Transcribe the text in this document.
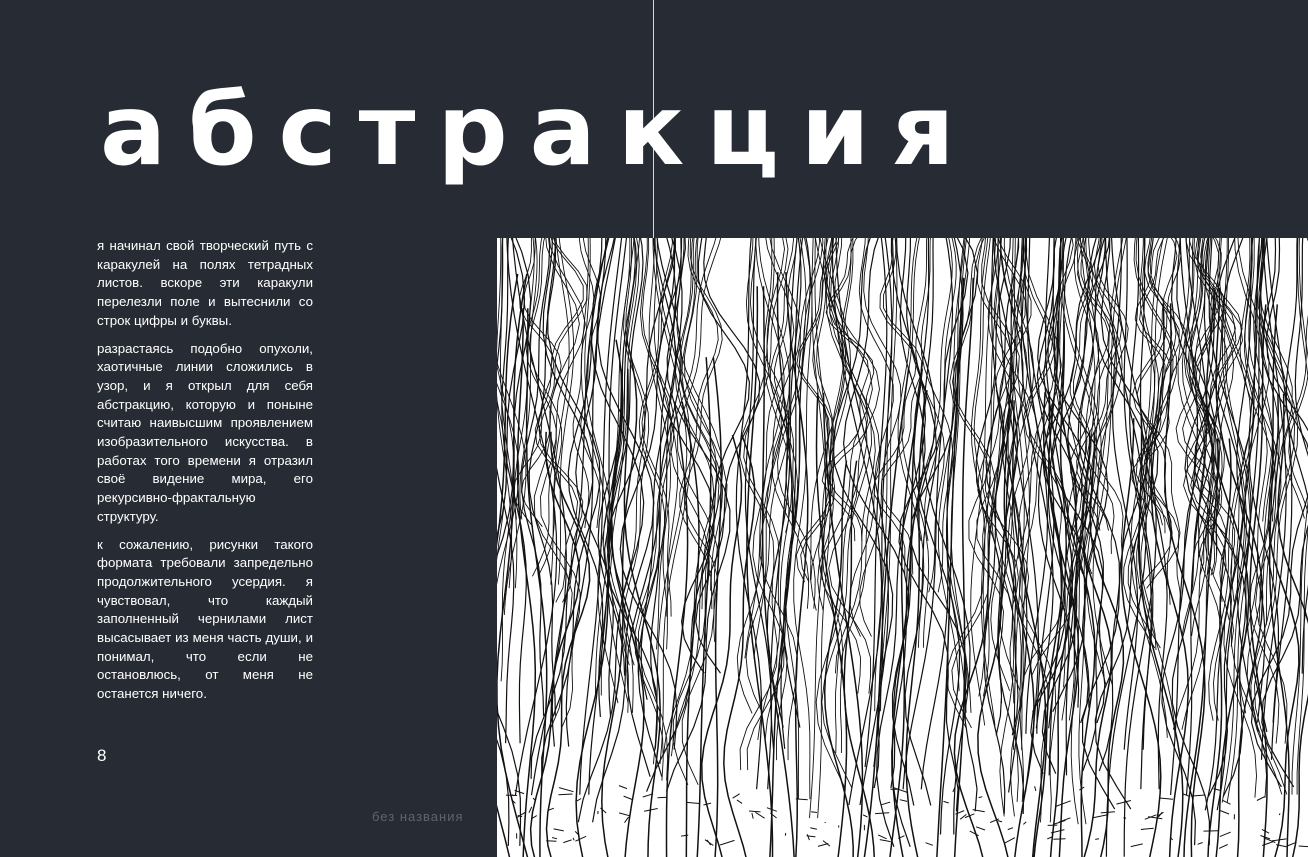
абстракция

я начинал свой творческий путь с каракулей на полях тетрадных листов. вскоре эти каракули перелезли поле и вытеснили со строк цифры и буквы.

разрастаясь подобно опухоли, хаотичные линии сложились в узор, и я открыл для себя абстракцию, которую и поныне считаю наивысшим проявлением изобразительного искусства. в работах того времени я отразил своё видение мира, его рекурсивно-фрактальную структуру.

к сожалению, рисунки такого формата требовали запредельно продолжительного усердия. я чувствовал, что каждый заполненный чернилами лист высасывает из меня часть души, и понимал, что если не остановлюсь, от меня не останется ничего.

8
без названия
